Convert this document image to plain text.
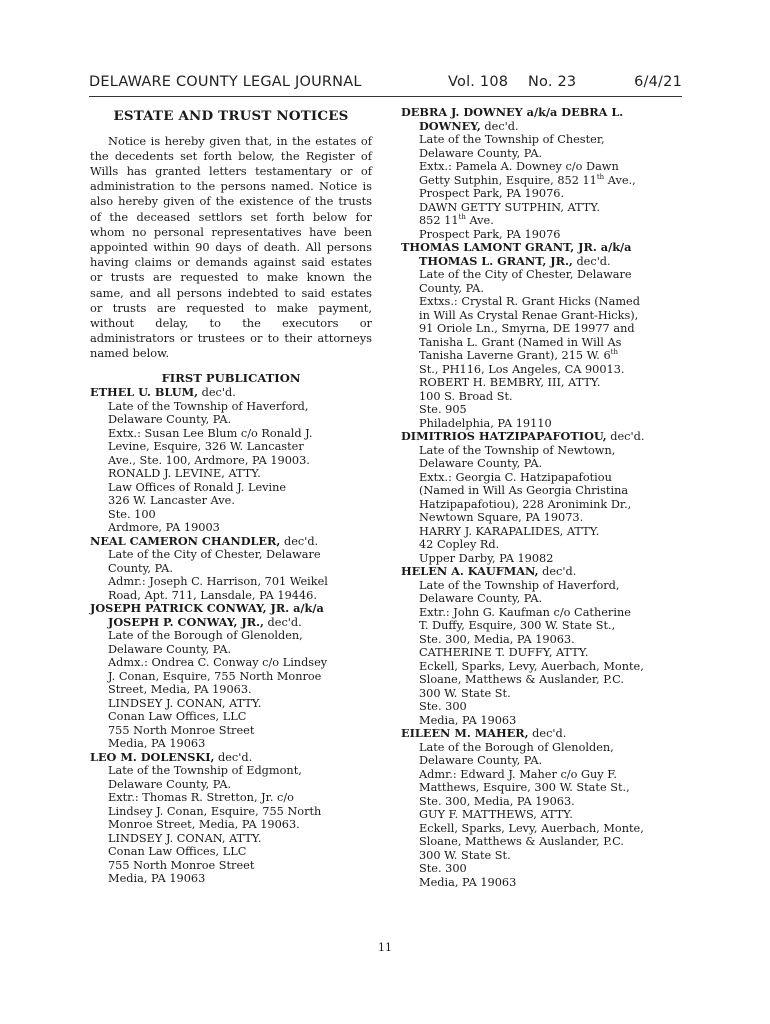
DELAWARE COUNTY LEGAL JOURNAL	Vol. 108 No. 23	6/4/21
ESTATE AND TRUST NOTICES

Notice is hereby given that, in the estates of the decedents set forth below, the Register of Wills has granted letters testamentary or of administration to the persons named. Notice is also hereby given of the existence of the trusts of the deceased settlors set forth below for whom no personal representatives have been appointed within 90 days of death. All persons having claims or demands against said estates or trusts are requested to make known the same, and all persons indebted to said estates or trusts are requested to make payment, without delay, to the executors or administrators or trustees or to their attorneys named below.

FIRST PUBLICATION
ETHEL U. BLUM, dec'd.
Late of the Township of Haverford,
Delaware County, PA.
Extx.: Susan Lee Blum c/o Ronald J.
Levine, Esquire, 326 W. Lancaster
Ave., Ste. 100, Ardmore, PA 19003.
RONALD J. LEVINE, ATTY.
Law Offices of Ronald J. Levine
326 W. Lancaster Ave.
Ste. 100
Ardmore, PA 19003
NEAL CAMERON CHANDLER, dec'd.
Late of the City of Chester, Delaware
County, PA.
Admr.: Joseph C. Harrison, 701 Weikel
Road, Apt. 711, Lansdale, PA 19446.
JOSEPH PATRICK CONWAY, JR. a/k/a JOSEPH P. CONWAY, JR., dec'd.
Late of the Borough of Glenolden,
Delaware County, PA.
Admx.: Ondrea C. Conway c/o Lindsey
J. Conan, Esquire, 755 North Monroe
Street, Media, PA 19063.
LINDSEY J. CONAN, ATTY.
Conan Law Offices, LLC
755 North Monroe Street
Media, PA 19063
LEO M. DOLENSKI, dec'd.
Late of the Township of Edgmont,
Delaware County, PA.
Extr.: Thomas R. Stretton, Jr. c/o
Lindsey J. Conan, Esquire, 755 North
Monroe Street, Media, PA 19063.
LINDSEY J. CONAN, ATTY.
Conan Law Offices, LLC
755 North Monroe Street
Media, PA 19063
DEBRA J. DOWNEY a/k/a DEBRA L. DOWNEY, dec'd.
Late of the Township of Chester,
Delaware County, PA.
Extx.: Pamela A. Downey c/o Dawn
Getty Sutphin, Esquire, 852 11th Ave.,
Prospect Park, PA 19076.
DAWN GETTY SUTPHIN, ATTY.
852 11th Ave.
Prospect Park, PA 19076
THOMAS LAMONT GRANT, JR. a/k/a THOMAS L. GRANT, JR., dec'd.
Late of the City of Chester, Delaware
County, PA.
Extxs.: Crystal R. Grant Hicks (Named
in Will As Crystal Renae Grant-Hicks),
91 Oriole Ln., Smyrna, DE 19977 and
Tanisha L. Grant (Named in Will As
Tanisha Laverne Grant), 215 W. 6th
St., PH116, Los Angeles, CA 90013.
ROBERT H. BEMBRY, III, ATTY.
100 S. Broad St.
Ste. 905
Philadelphia, PA 19110
DIMITRIOS HATZIPAPAFOTIOU, dec'd.
Late of the Township of Newtown,
Delaware County, PA.
Extx.: Georgia C. Hatzipapafotiou
(Named in Will As Georgia Christina
Hatzipapafotiou), 228 Aronimink Dr.,
Newtown Square, PA 19073.
HARRY J. KARAPALIDES, ATTY.
42 Copley Rd.
Upper Darby, PA 19082
HELEN A. KAUFMAN, dec'd.
Late of the Township of Haverford,
Delaware County, PA.
Extr.: John G. Kaufman c/o Catherine
T. Duffy, Esquire, 300 W. State St.,
Ste. 300, Media, PA 19063.
CATHERINE T. DUFFY, ATTY.
Eckell, Sparks, Levy, Auerbach, Monte,
Sloane, Matthews & Auslander, P.C.
300 W. State St.
Ste. 300
Media, PA 19063
EILEEN M. MAHER, dec'd.
Late of the Borough of Glenolden,
Delaware County, PA.
Admr.: Edward J. Maher c/o Guy F.
Matthews, Esquire, 300 W. State St.,
Ste. 300, Media, PA 19063.
GUY F. MATTHEWS, ATTY.
Eckell, Sparks, Levy, Auerbach, Monte,
Sloane, Matthews & Auslander, P.C.
300 W. State St.
Ste. 300
Media, PA 19063
11
